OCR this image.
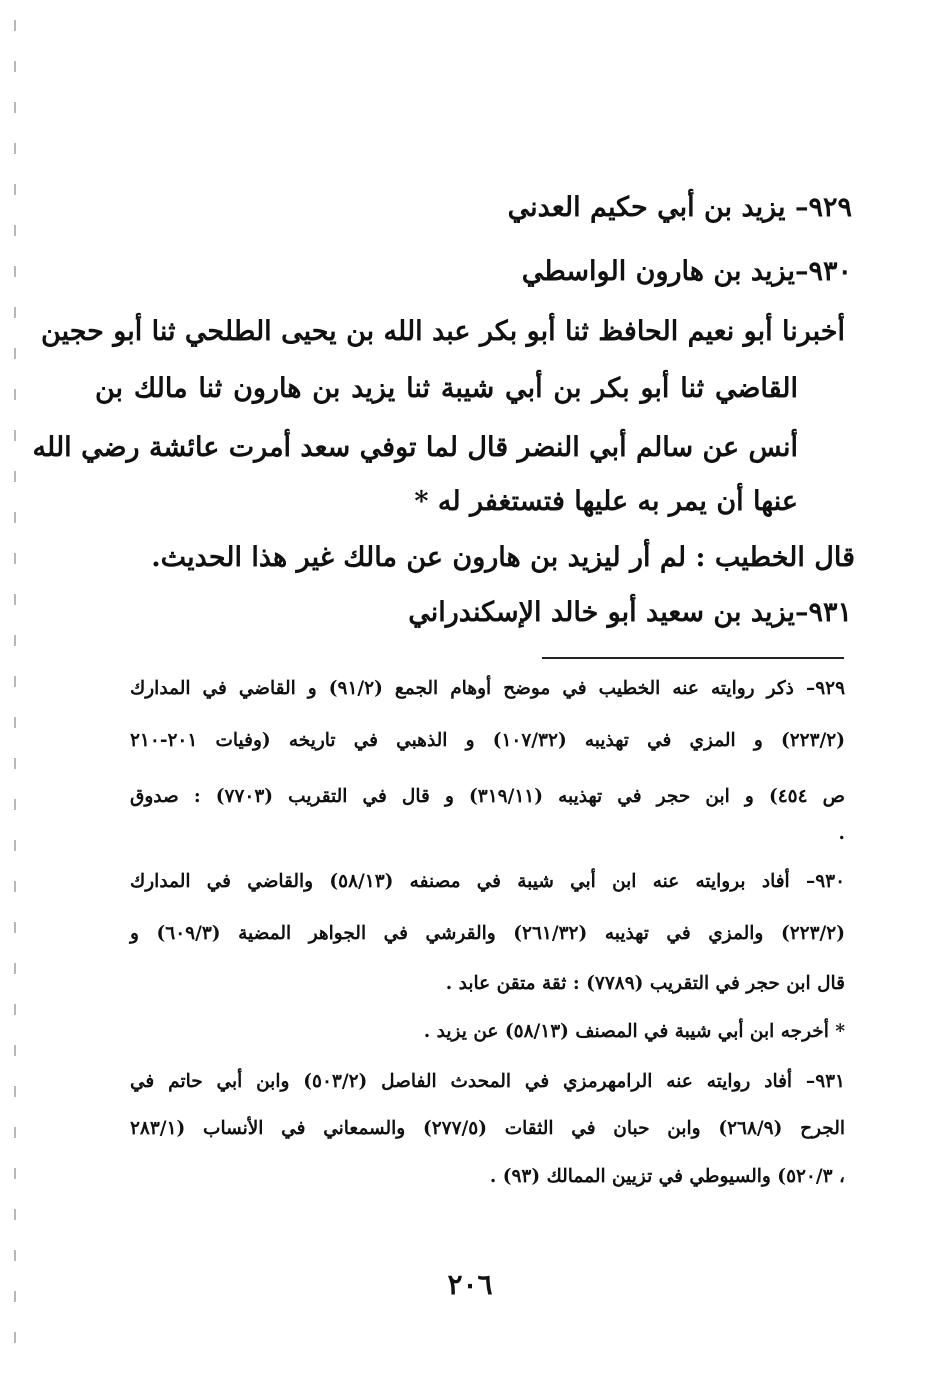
٩٢٩– يزيد بن أبي حكيم العدني
٩٣٠–يزيد بن هارون الواسطي
أخبرنا أبو نعيم الحافظ ثنا أبو بكر عبد الله بن يحيى الطلحي ثنا أبو حجين
القاضي ثنا أبو بكر بن أبي شيبة ثنا يزيد بن هارون ثنا مالك بن
أنس عن سالم أبي النضر قال لما توفي سعد أمرت عائشة رضي الله
عنها أن يمر به عليها فتستغفر له *
قال الخطيب : لم أر ليزيد بن هارون عن مالك غير هذا الحديث.
٩٣١–يزيد بن سعيد أبو خالد الإسكندراني
٩٢٩– ذكر روايته عنه الخطيب في موضح أوهام الجمع (٩١/٢) و القاضي في المدارك
(٢٢٣/٢) و المزي في تهذيبه (١٠٧/٣٢) و الذهبي في تاريخه (وفيات ٢٠١-٢١٠
ص ٤٥٤) و ابن حجر في تهذيبه (٣١٩/١١) و قال في التقريب (٧٧٠٣) : صدوق
.
٩٣٠– أفاد بروايته عنه ابن أبي شيبة في مصنفه (٥٨/١٣) والقاضي في المدارك
(٢٢٣/٢) والمزي في تهذيبه (٢٦١/٣٢) والقرشي في الجواهر المضية (٦٠٩/٣) و
قال ابن حجر في التقريب (٧٧٨٩) : ثقة متقن عابد .
* أخرجه ابن أبي شيبة في المصنف (٥٨/١٣) عن يزيد .
٩٣١– أفاد روايته عنه الرامهرمزي في المحدث الفاصل (٥٠٣/٢) وابن أبي حاتم في
الجرح (٢٦٨/٩) وابن حبان في الثقات (٢٧٧/٥) والسمعاني في الأنساب (٢٨٣/١
، ٥٢٠/٣) والسيوطي في تزيين الممالك (٩٣) .
٢٠٦
